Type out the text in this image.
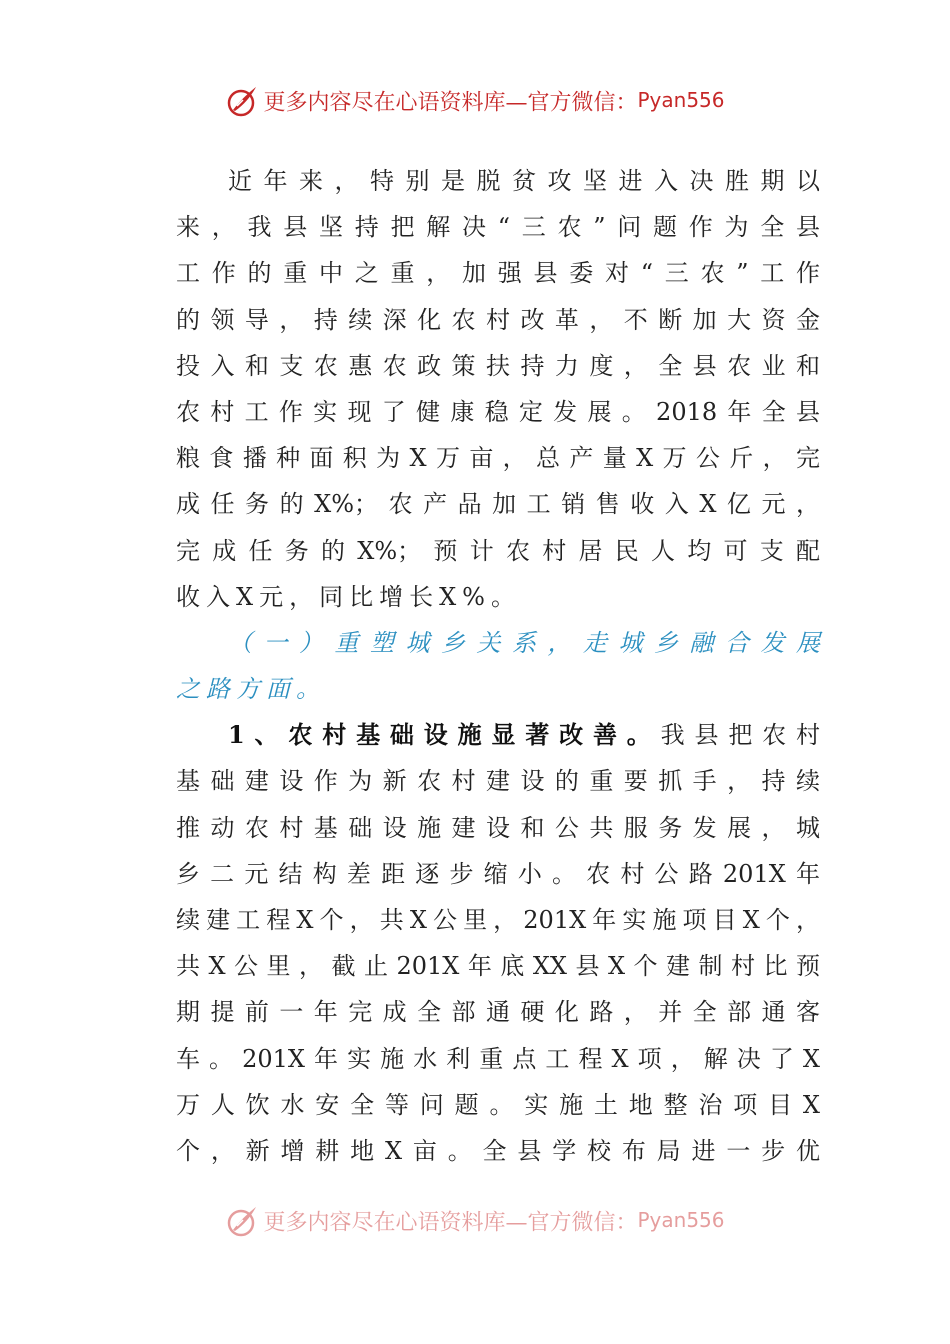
更多内容尽在心语资料库—官方微信：Pyan556
近年来，特别是脱贫攻坚进入决胜期以
来，我县坚持把解决“三农”问题作为全县
工作的重中之重，加强县委对“三农”工作
的领导，持续深化农村改革，不断加大资金
投入和支农惠农政策扶持力度，全县农业和
农村工作实现了健康稳定发展。2018年全县
粮食播种面积为X万亩，总产量X万公斤，完
成任务的X%；农产品加工销售收入X亿元，
完成任务的X%；预计农村居民人均可支配
收入X元，同比增长X%。
（一）重塑城乡关系，走城乡融合发展
之路方面。
1、农村基础设施显著改善。我县把农村
基础建设作为新农村建设的重要抓手，持续
推动农村基础设施建设和公共服务发展，城
乡二元结构差距逐步缩小。农村公路201X年
续建工程X个，共X公里，201X年实施项目X个，
共X公里，截止201X年底XX县X个建制村比预
期提前一年完成全部通硬化路，并全部通客
车。201X年实施水利重点工程X项，解决了X
万人饮水安全等问题。实施土地整治项目X
个，新增耕地X亩。全县学校布局进一步优
更多内容尽在心语资料库—官方微信：Pyan556
